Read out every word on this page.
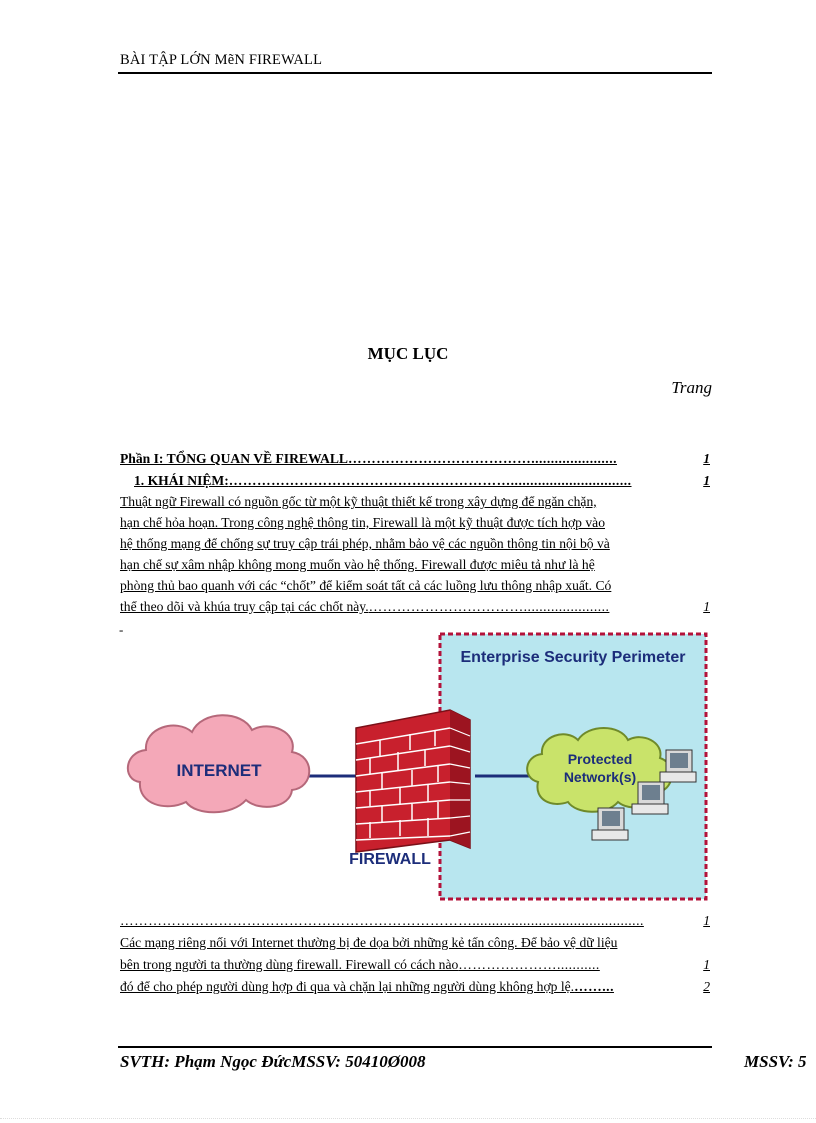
BÀI TẬP LỚN MẽN FIREWALL
MỤC LỤC
Trang
Phần I: TỔNG QUAN VỀ FIREWALL …………………………………......................	1
1. KHÁI NIỆM: ……………………………………………………...............................	1
Thuật ngữ Firewall có nguồn gốc từ một kỹ thuật thiết kế trong xây dựng để ngăn chặn,
hạn chế hỏa hoạn. Trong công nghệ thông tin, Firewall là một kỹ thuật được tích hợp vào
hệ thống mạng để chống sự truy cập trái phép, nhằm bảo vệ các nguồn thông tin nội bộ và
hạn chế sự xâm nhập không mong muốn vào hệ thống. Firewall được miêu tả như là hệ
phòng thủ bao quanh với các “chốt” để kiểm soát tất cả các luồng lưu thông nhập xuất. Có
thể theo dõi và khúa truy cập tại các chốt này. ……………………………......................	1
-
Enterprise Security Perimeter
INTERNET
FIREWALL
Protected
Network(s)
…………………………………………………………………............................................	1
Các mạng riêng nối với Internet thường bị đe dọa bởi những kẻ tấn công. Để bảo vệ dữ liệu
bên trong người ta thường dùng firewall. Firewall có cách nào …………………...........	1
đó để cho phép người dùng hợp đi qua và chặn lại những người dùng không hợp lệ. ……...	2
SVTH: Phạm Ngọc ĐứcMSSV: 50410Ø008	MSSV: 5
